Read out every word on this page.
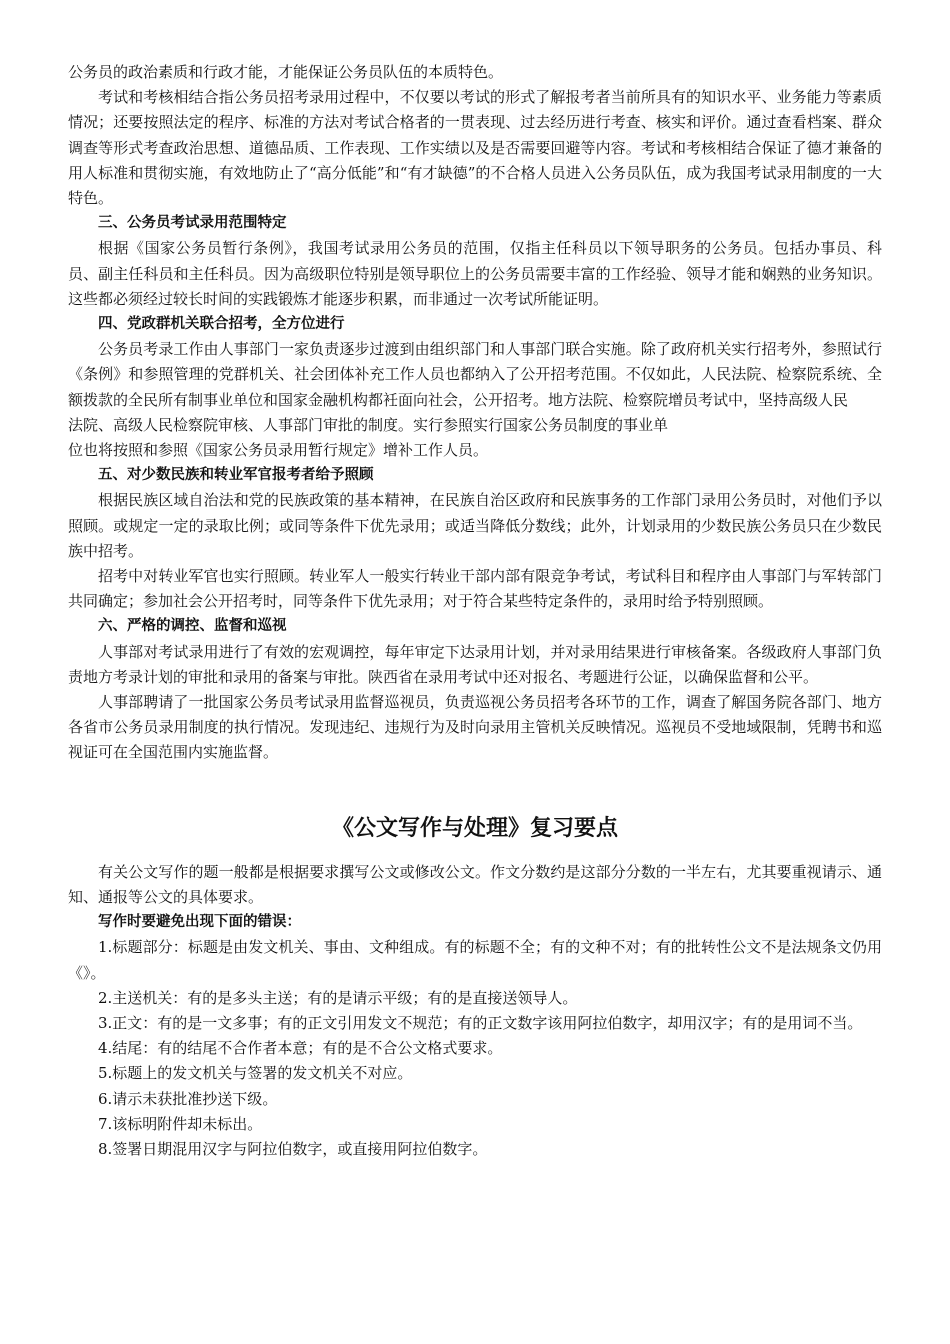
公务员的政治素质和行政才能，才能保证公务员队伍的本质特色。

考试和考核相结合指公务员招考录用过程中，不仅要以考试的形式了解报考者当前所具有的知识水平、业务能力等素质情况；还要按照法定的程序、标准的方法对考试合格者的一贯表现、过去经历进行考查、核实和评价。通过查看档案、群众调查等形式考查政治思想、道德品质、工作表现、工作实绩以及是否需要回避等内容。考试和考核相结合保证了德才兼备的用人标准和贯彻实施，有效地防止了“高分低能”和“有才缺德”的不合格人员进入公务员队伍，成为我国考试录用制度的一大特色。

三、公务员考试录用范围特定

根据《国家公务员暂行条例》，我国考试录用公务员的范围，仅指主任科员以下领导职务的公务员。包括办事员、科员、副主任科员和主任科员。因为高级职位特别是领导职位上的公务员需要丰富的工作经验、领导才能和娴熟的业务知识。这些都必须经过较长时间的实践锻炼才能逐步积累，而非通过一次考试所能证明。

四、党政群机关联合招考，全方位进行

公务员考录工作由人事部门一家负责逐步过渡到由组织部门和人事部门联合实施。除了政府机关实行招考外，参照试行《条例》和参照管理的党群机关、社会团体补充工作人员也都纳入了公开招考范围。不仅如此，人民法院、检察院系统、全额拨款的全民所有制事业单位和国家金融机构都衽面向社会，公开招考。地方法院、检察院增员考试中，坚持高级人民

法院、高级人民检察院审核、人事部门审批的制度。实行参照实行国家公务员制度的事业单

位也将按照和参照《国家公务员录用暂行规定》增补工作人员。

五、对少数民族和转业军官报考者给予照顾

根据民族区域自治法和党的民族政策的基本精神，在民族自治区政府和民族事务的工作部门录用公务员时，对他们予以照顾。或规定一定的录取比例；或同等条件下优先录用；或适当降低分数线；此外，计划录用的少数民族公务员只在少数民族中招考。

招考中对转业军官也实行照顾。转业军人一般实行转业干部内部有限竞争考试，考试科目和程序由人事部门与军转部门共同确定；参加社会公开招考时，同等条件下优先录用；对于符合某些特定条件的，录用时给予特别照顾。

六、严格的调控、监督和巡视

人事部对考试录用进行了有效的宏观调控，每年审定下达录用计划，并对录用结果进行审核备案。各级政府人事部门负责地方考录计划的审批和录用的备案与审批。陕西省在录用考试中还对报名、考题进行公证，以确保监督和公平。

人事部聘请了一批国家公务员考试录用监督巡视员，负责巡视公务员招考各环节的工作，调查了解国务院各部门、地方各省市公务员录用制度的执行情况。发现违纪、违规行为及时向录用主管机关反映情况。巡视员不受地域限制，凭聘书和巡视证可在全国范围内实施监督。

《公文写作与处理》复习要点

有关公文写作的题一般都是根据要求撰写公文或修改公文。作文分数约是这部分分数的一半左右，尤其要重视请示、通知、通报等公文的具体要求。

写作时要避免出现下面的错误：

1.标题部分：标题是由发文机关、事由、文种组成。有的标题不全；有的文种不对；有的批转性公文不是法规条文仍用《》。

2.主送机关：有的是多头主送；有的是请示平级；有的是直接送领导人。

3.正文：有的是一文多事；有的正文引用发文不规范；有的正文数字该用阿拉伯数字，却用汉字；有的是用词不当。

4.结尾：有的结尾不合作者本意；有的是不合公文格式要求。

5.标题上的发文机关与签署的发文机关不对应。

6.请示未获批准抄送下级。

7.该标明附件却未标出。

8.签署日期混用汉字与阿拉伯数字，或直接用阿拉伯数字。
